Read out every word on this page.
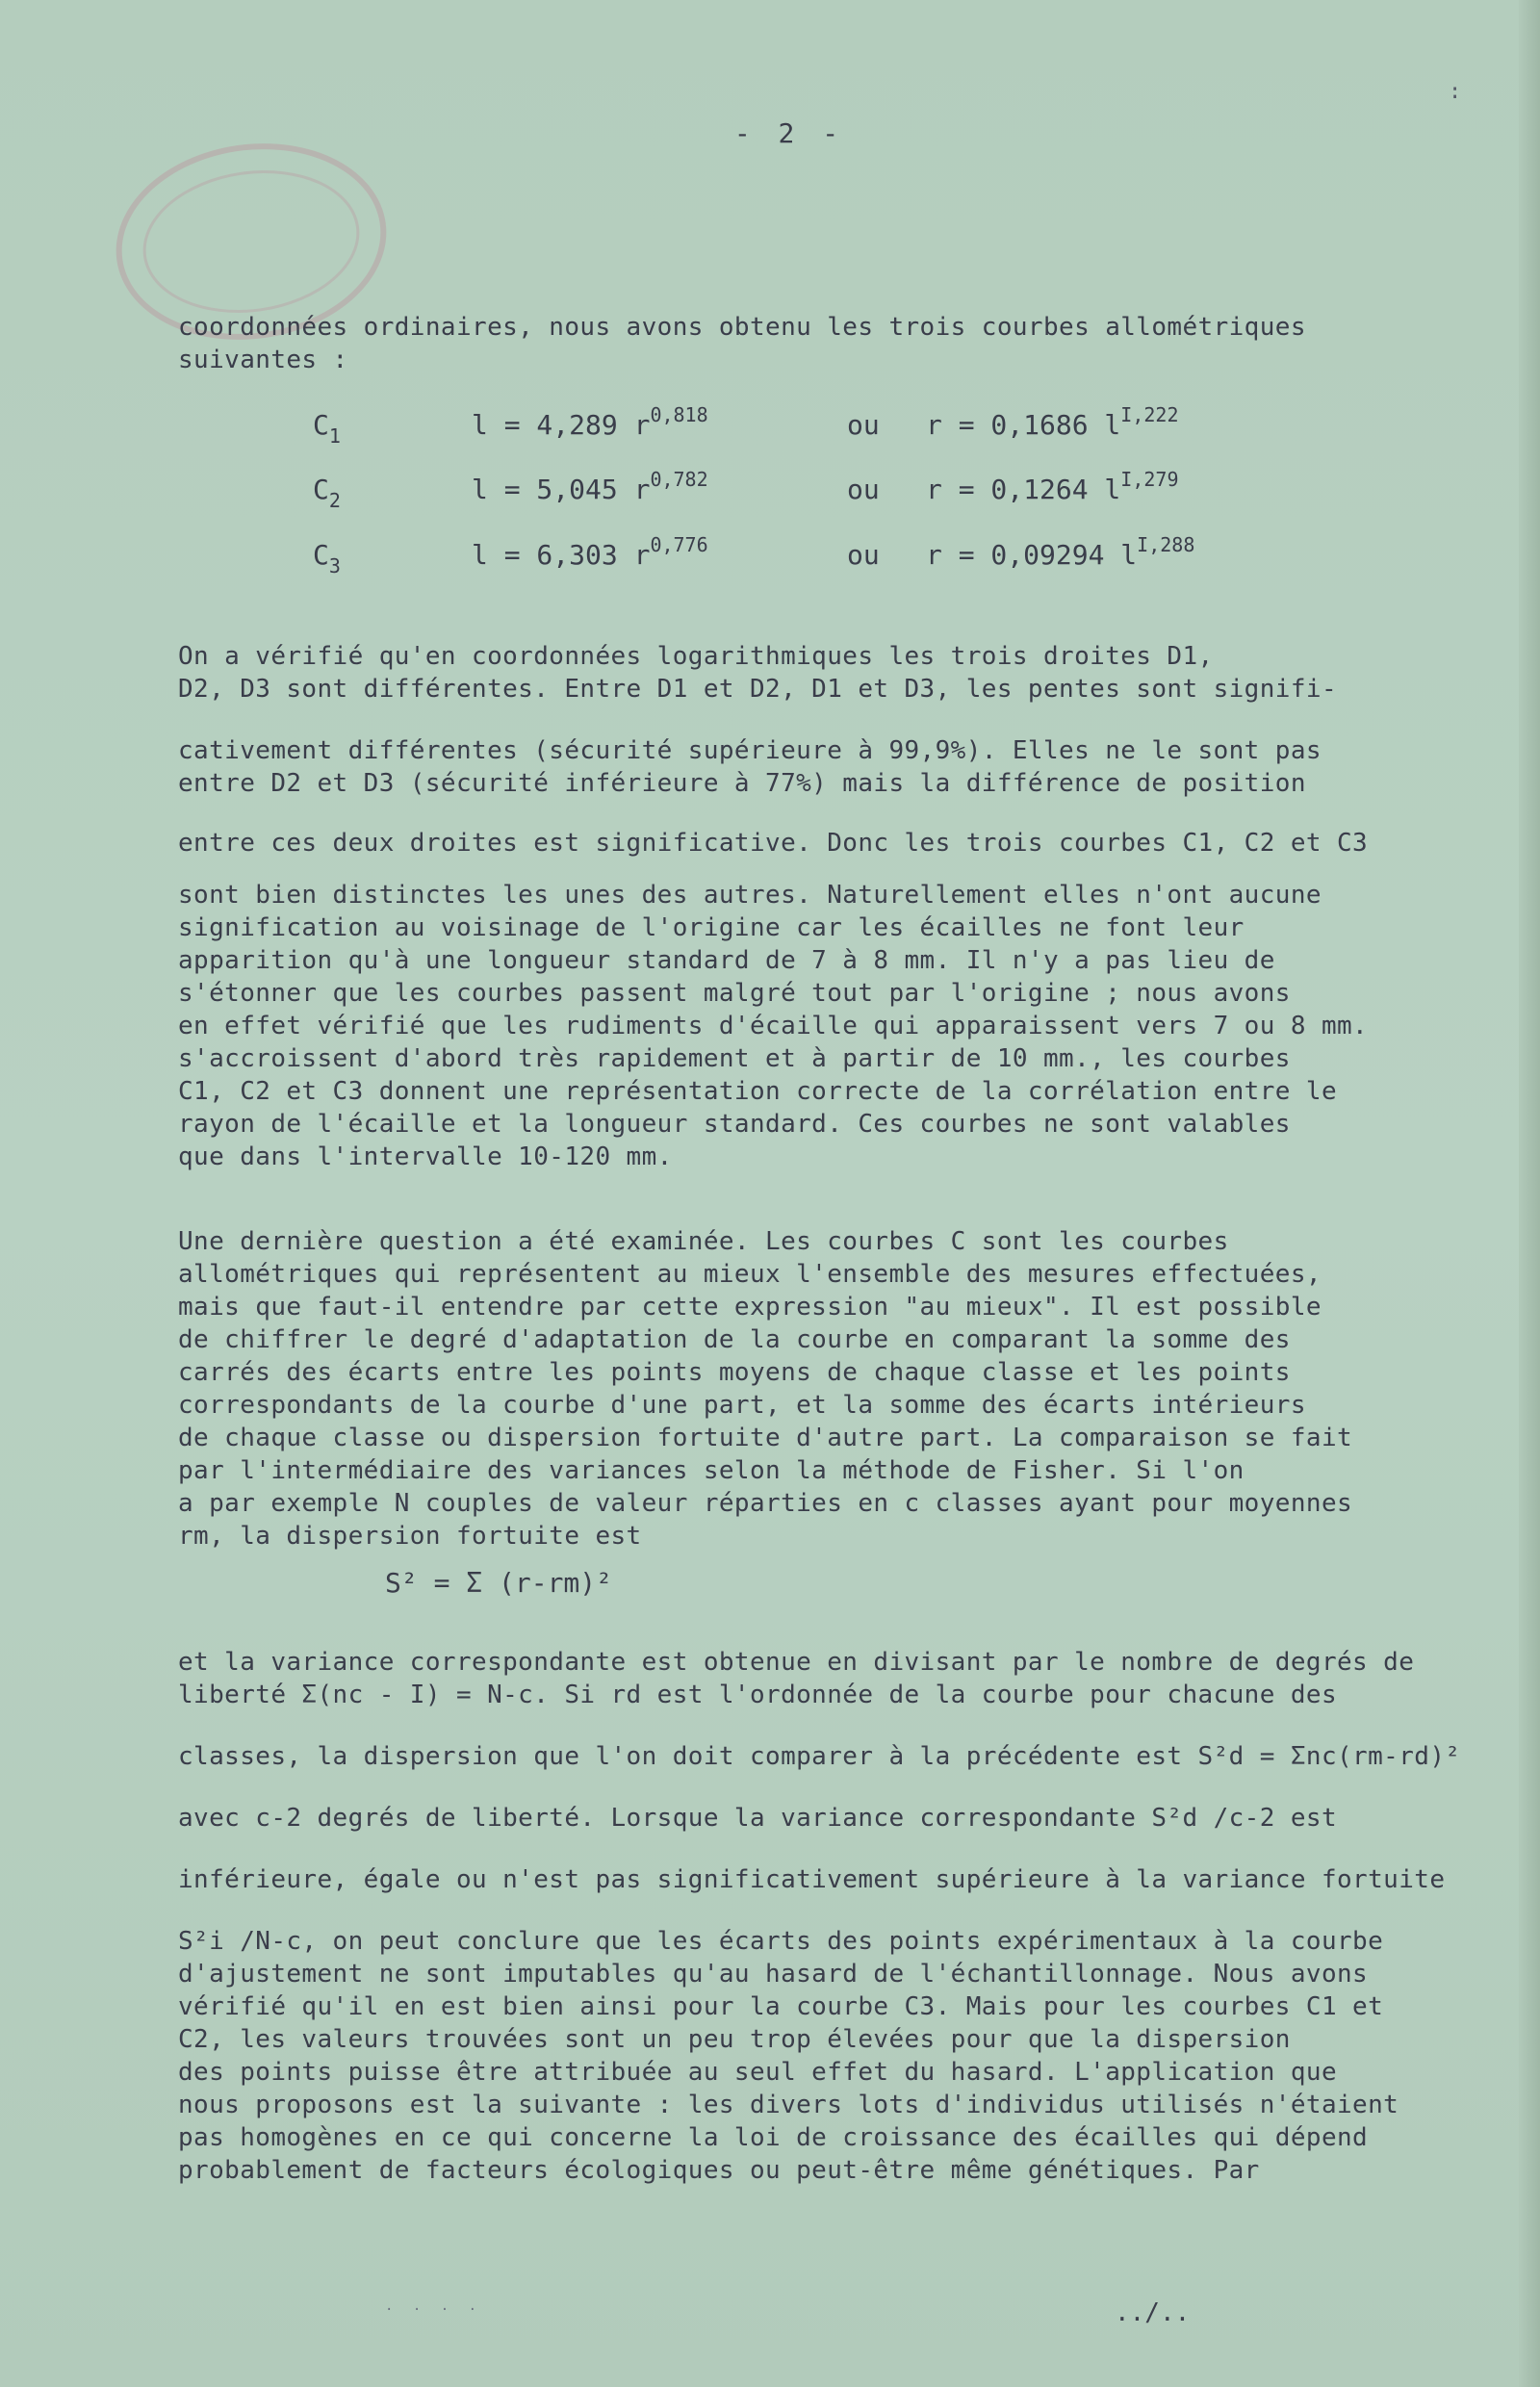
:
- 2 -
coordonnées ordinaires, nous avons obtenu les trois courbes allométriques
suivantes :
$C_1$	l = 4,289 $r^{0,818}$	ou r = 0,1686 $l^{I,222}$
$C_2$	l = 5,045 $r^{0,782}$	ou r = 0,1264 $l^{I,279}$
$C_3$	l = 6,303 $r^{0,776}$	ou r = 0,09294 $l^{I,288}$
On a vérifié qu'en coordonnées logarithmiques les trois droites D1,
D2, D3 sont différentes. Entre D1 et D2, D1 et D3, les pentes sont signifi-
cativement différentes (sécurité supérieure à 99,9%). Elles ne le sont pas
entre D2 et D3 (sécurité inférieure à 77%) mais la différence de position
entre ces deux droites est significative. Donc les trois courbes C1, C2 et C3
sont bien distinctes les unes des autres. Naturellement elles n'ont aucune
signification au voisinage de l'origine car les écailles ne font leur
apparition qu'à une longueur standard de 7 à 8 mm. Il n'y a pas lieu de
s'étonner que les courbes passent malgré tout par l'origine ; nous avons
en effet vérifié que les rudiments d'écaille qui apparaissent vers 7 ou 8 mm.
s'accroissent d'abord très rapidement et à partir de 10 mm., les courbes
C1, C2 et C3 donnent une représentation correcte de la corrélation entre le
rayon de l'écaille et la longueur standard. Ces courbes ne sont valables
que dans l'intervalle 10-120 mm.
S² = Σ (r-rm)²
Une dernière question a été examinée. Les courbes C sont les courbes
allométriques qui représentent au mieux l'ensemble des mesures effectuées,
mais que faut-il entendre par cette expression "au mieux". Il est possible
de chiffrer le degré d'adaptation de la courbe en comparant la somme des
carrés des écarts entre les points moyens de chaque classe et les points
correspondants de la courbe d'une part, et la somme des écarts intérieurs
de chaque classe ou dispersion fortuite d'autre part. La comparaison se fait
par l'intermédiaire des variances selon la méthode de Fisher. Si l'on
a par exemple N couples de valeur réparties en c classes ayant pour moyennes
rm, la dispersion fortuite est
et la variance correspondante est obtenue en divisant par le nombre de degrés de
liberté Σ(nc - I) = N-c. Si rd est l'ordonnée de la courbe pour chacune des
classes, la dispersion que l'on doit comparer à la précédente est S²d = Σnc(rm-rd)²
avec c-2 degrés de liberté. Lorsque la variance correspondante S²d /c-2 est
inférieure, égale ou n'est pas significativement supérieure à la variance fortuite
S²i /N-c, on peut conclure que les écarts des points expérimentaux à la courbe
d'ajustement ne sont imputables qu'au hasard de l'échantillonnage. Nous avons
vérifié qu'il en est bien ainsi pour la courbe C3. Mais pour les courbes C1 et
C2, les valeurs trouvées sont un peu trop élevées pour que la dispersion
des points puisse être attribuée au seul effet du hasard. L'application que
nous proposons est la suivante : les divers lots d'individus utilisés n'étaient
pas homogènes en ce qui concerne la loi de croissance des écailles qui dépend
probablement de facteurs écologiques ou peut-être même génétiques. Par
· · · ·	../..
